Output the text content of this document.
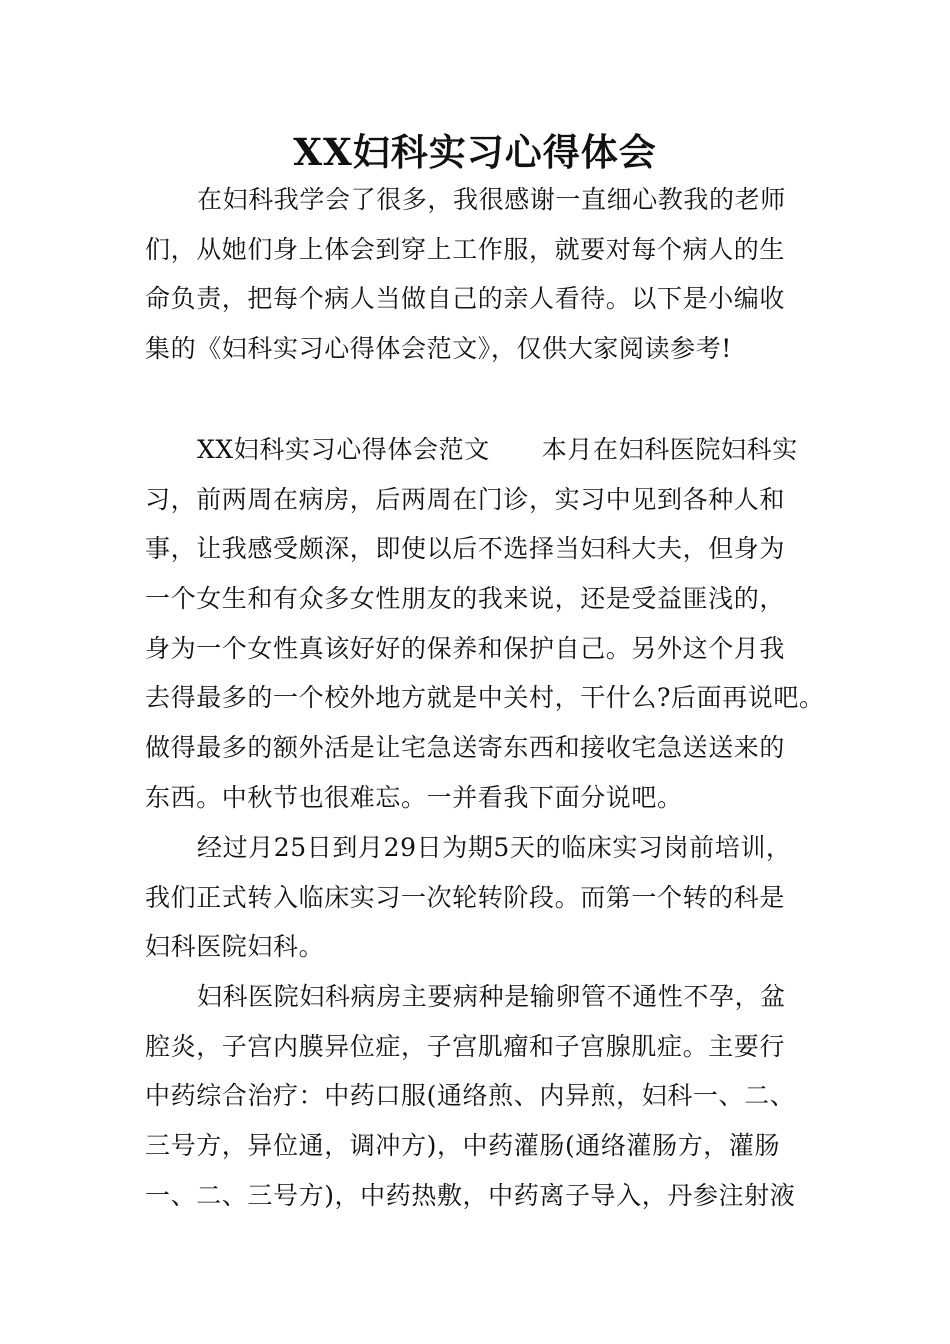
XX妇科实习心得体会
在妇科我学会了很多，我很感谢一直细心教我的老师
们，从她们身上体会到穿上工作服，就要对每个病人的生
命负责，把每个病人当做自己的亲人看待。以下是小编收
集的《妇科实习心得体会范文》，仅供大家阅读参考!
XX妇科实习心得体会范文 本月在妇科医院妇科实
习，前两周在病房，后两周在门诊，实习中见到各种人和
事，让我感受颇深，即使以后不选择当妇科大夫，但身为
一个女生和有众多女性朋友的我来说，还是受益匪浅的，
身为一个女性真该好好的保养和保护自己。另外这个月我
去得最多的一个校外地方就是中关村，干什么?后面再说吧。
做得最多的额外活是让宅急送寄东西和接收宅急送送来的
东西。中秋节也很难忘。一并看我下面分说吧。
经过月25日到月29日为期5天的临床实习岗前培训，
我们正式转入临床实习一次轮转阶段。而第一个转的科是
妇科医院妇科。
妇科医院妇科病房主要病种是输卵管不通性不孕，盆
腔炎，子宫内膜异位症，子宫肌瘤和子宫腺肌症。主要行
中药综合治疗：中药口服(通络煎、内异煎，妇科一、二、
三号方，异位通，调冲方)，中药灌肠(通络灌肠方，灌肠
一、二、三号方)，中药热敷，中药离子导入，丹参注射液
